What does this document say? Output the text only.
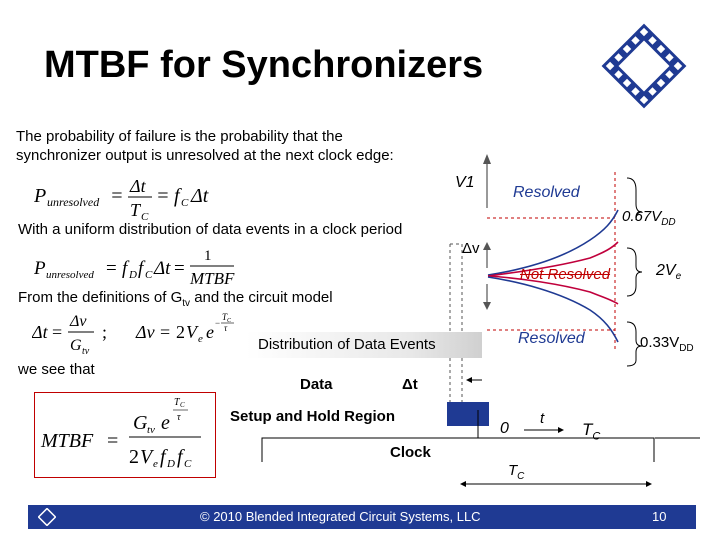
MTBF for Synchronizers
The probability of failure is the probability that the
synchronizer output is unresolved at the next clock edge:
P unresolved = Δt
T C
= f C Δt
With a uniform distribution of data events in a clock period
P unresolved = f D f C Δt =
1
MTBF
From the definitions of $G_{tv}$ and the circuit model
Δt =
Δv
G tv
; Δv = 2 V e e −
T C
τ
we see that
MTBF =
G tv e
T C
τ
2 V e f D f C
Distribution of Data Events
V1
Resolved
$0.67V_{DD}$
Δv
Not Resolved	$2V_e$
Resolved	$0.33V_{DD}$
Data	Δt
Setup and Hold Region
0
t
$T_C$
Clock
$T_C$
© 2010 Blended Integrated Circuit Systems, LLC	10
